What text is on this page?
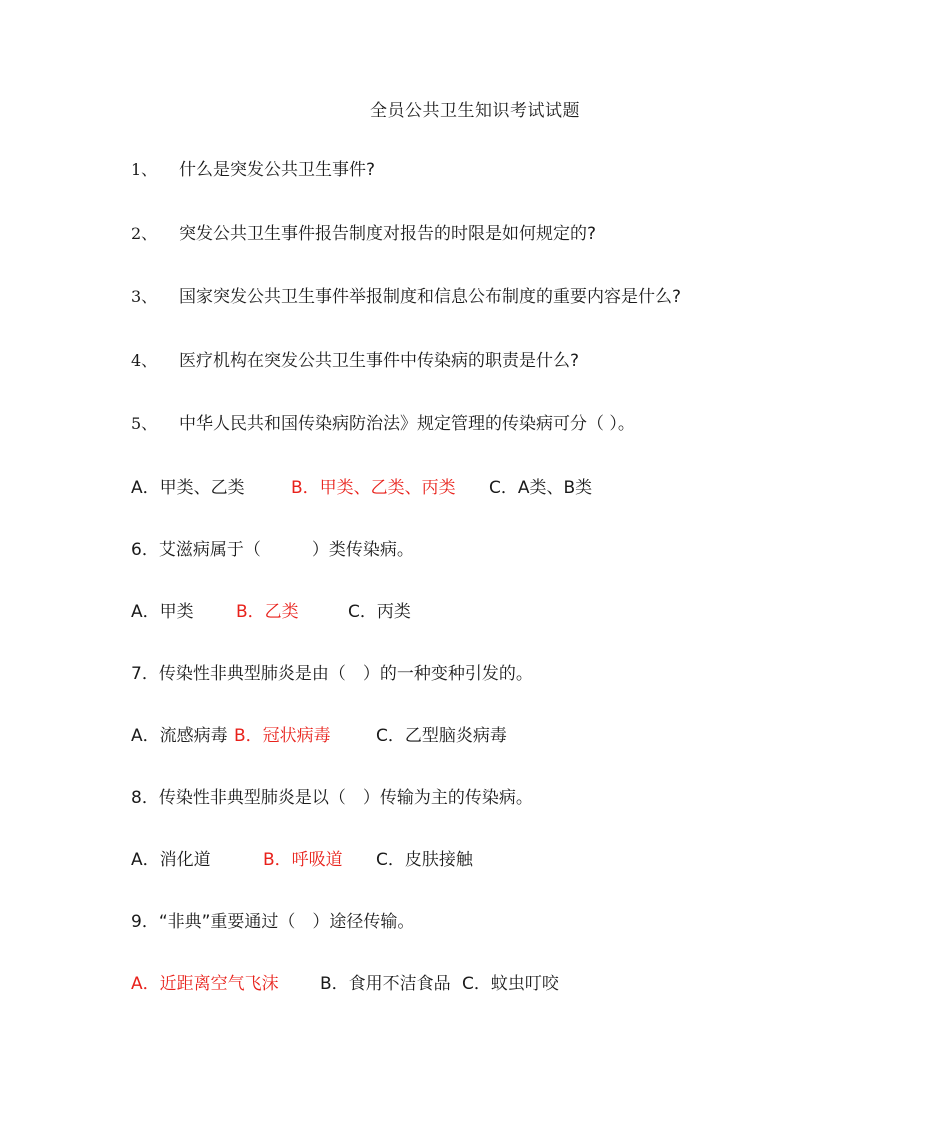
全员公共卫生知识考试试题
1、 什么是突发公共卫生事件?
2、 突发公共卫生事件报告制度对报告的时限是如何规定的?
3、 国家突发公共卫生事件举报制度和信息公布制度的重要内容是什么?
4、 医疗机构在突发公共卫生事件中传染病的职责是什么?
5、 中华人民共和国传染病防治法》规定管理的传染病可分（ ）。
A．甲类、乙类	B．甲类、乙类、丙类 C．A类、B类
6．艾滋病属于（　　　）类传染病。
A．甲类 B．乙类	C．丙类
7．传染性非典型肺炎是由（　）的一种变种引发的。
A．流感病毒 B．冠状病毒	C．乙型脑炎病毒
8．传染性非典型肺炎是以（　）传输为主的传染病。
A．消化道	B．呼吸道 C．皮肤接触
9．“非典”重要通过（　）途径传输。
A．近距离空气飞沫 B．食用不洁食品 C．蚊虫叮咬
